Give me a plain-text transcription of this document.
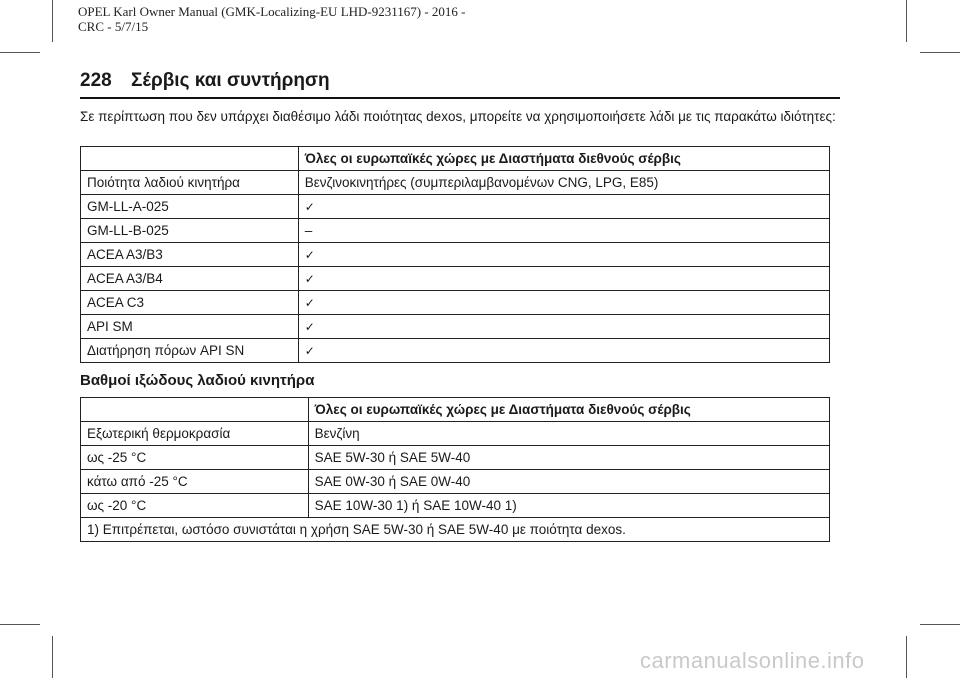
OPEL Karl Owner Manual (GMK-Localizing-EU LHD-9231167) - 2016 -
CRC - 5/7/15
228 Σέρβις και συντήρηση
Σε περίπτωση που δεν υπάρχει διαθέσιμο λάδι ποιότητας dexos, μπορείτε να χρησιμοποιήσετε λάδι με τις παρακάτω ιδιότητες:
	Όλες οι ευρωπαϊκές χώρες με Διαστήματα διεθνούς σέρβις
Ποιότητα λαδιού κινητήρα	Βενζινοκινητήρες (συμπεριλαμβανομένων CNG, LPG, E85)
GM-LL-A-025	✓
GM-LL-B-025	–
ACEA A3/B3	✓
ACEA A3/B4	✓
ACEA C3	✓
API SM	✓
Διατήρηση πόρων API SN	✓
Βαθμοί ιξώδους λαδιού κινητήρα
	Όλες οι ευρωπαϊκές χώρες με Διαστήματα διεθνούς σέρβις
Εξωτερική θερμοκρασία	Βενζίνη
ως -25 °C	SAE 5W-30 ή SAE 5W-40
κάτω από -25 °C	SAE 0W-30 ή SAE 0W-40
ως -20 °C	SAE 10W-30 1) ή SAE 10W-40 1)
1) Επιτρέπεται, ωστόσο συνιστάται η χρήση SAE 5W-30 ή SAE 5W-40 με ποιότητα dexos.	
carmanualsonline.info
